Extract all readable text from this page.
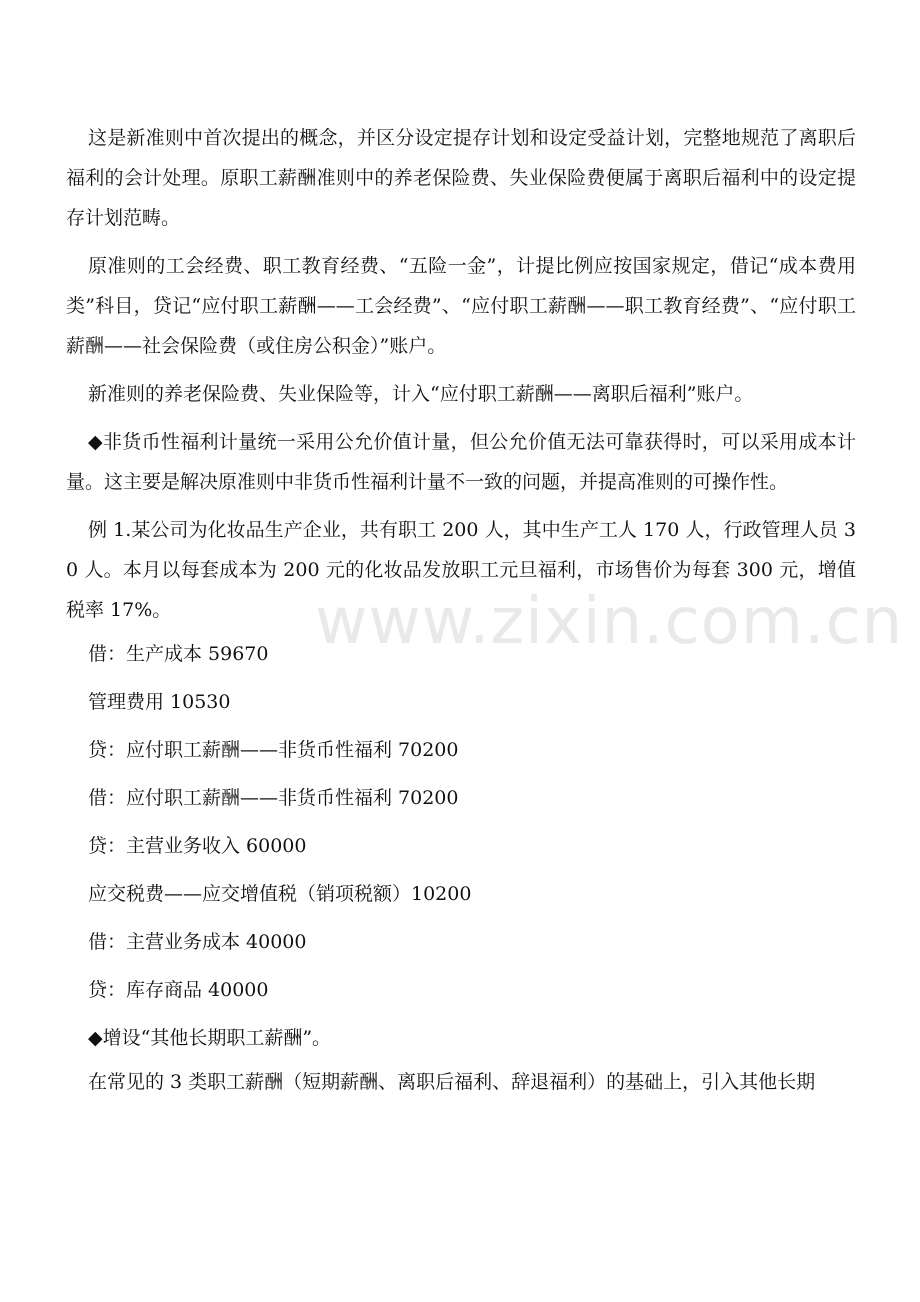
www.zixin.com.cn

这是新准则中首次提出的概念，并区分设定提存计划和设定受益计划，完整地规范了离职后福利的会计处理。原职工薪酬准则中的养老保险费、失业保险费便属于离职后福利中的设定提存计划范畴。

原准则的工会经费、职工教育经费、“五险一金”，计提比例应按国家规定，借记“成本费用类”科目，贷记“应付职工薪酬——工会经费”、“应付职工薪酬——职工教育经费”、“应付职工薪酬——社会保险费（或住房公积金）”账户。

新准则的养老保险费、失业保险等，计入“应付职工薪酬——离职后福利”账户。

◆非货币性福利计量统一采用公允价值计量，但公允价值无法可靠获得时，可以采用成本计量。这主要是解决原准则中非货币性福利计量不一致的问题，并提高准则的可操作性。

例 1.某公司为化妆品生产企业，共有职工 200 人，其中生产工人 170 人，行政管理人员 30 人。本月以每套成本为 200 元的化妆品发放职工元旦福利，市场售价为每套 300 元，增值税率 17%。

借：生产成本 59670

管理费用 10530

贷：应付职工薪酬——非货币性福利 70200

借：应付职工薪酬——非货币性福利 70200

贷：主营业务收入 60000

应交税费——应交增值税（销项税额）10200

借：主营业务成本 40000

贷：库存商品 40000

◆增设“其他长期职工薪酬”。

在常见的 3 类职工薪酬（短期薪酬、离职后福利、辞退福利）的基础上，引入其他长期
